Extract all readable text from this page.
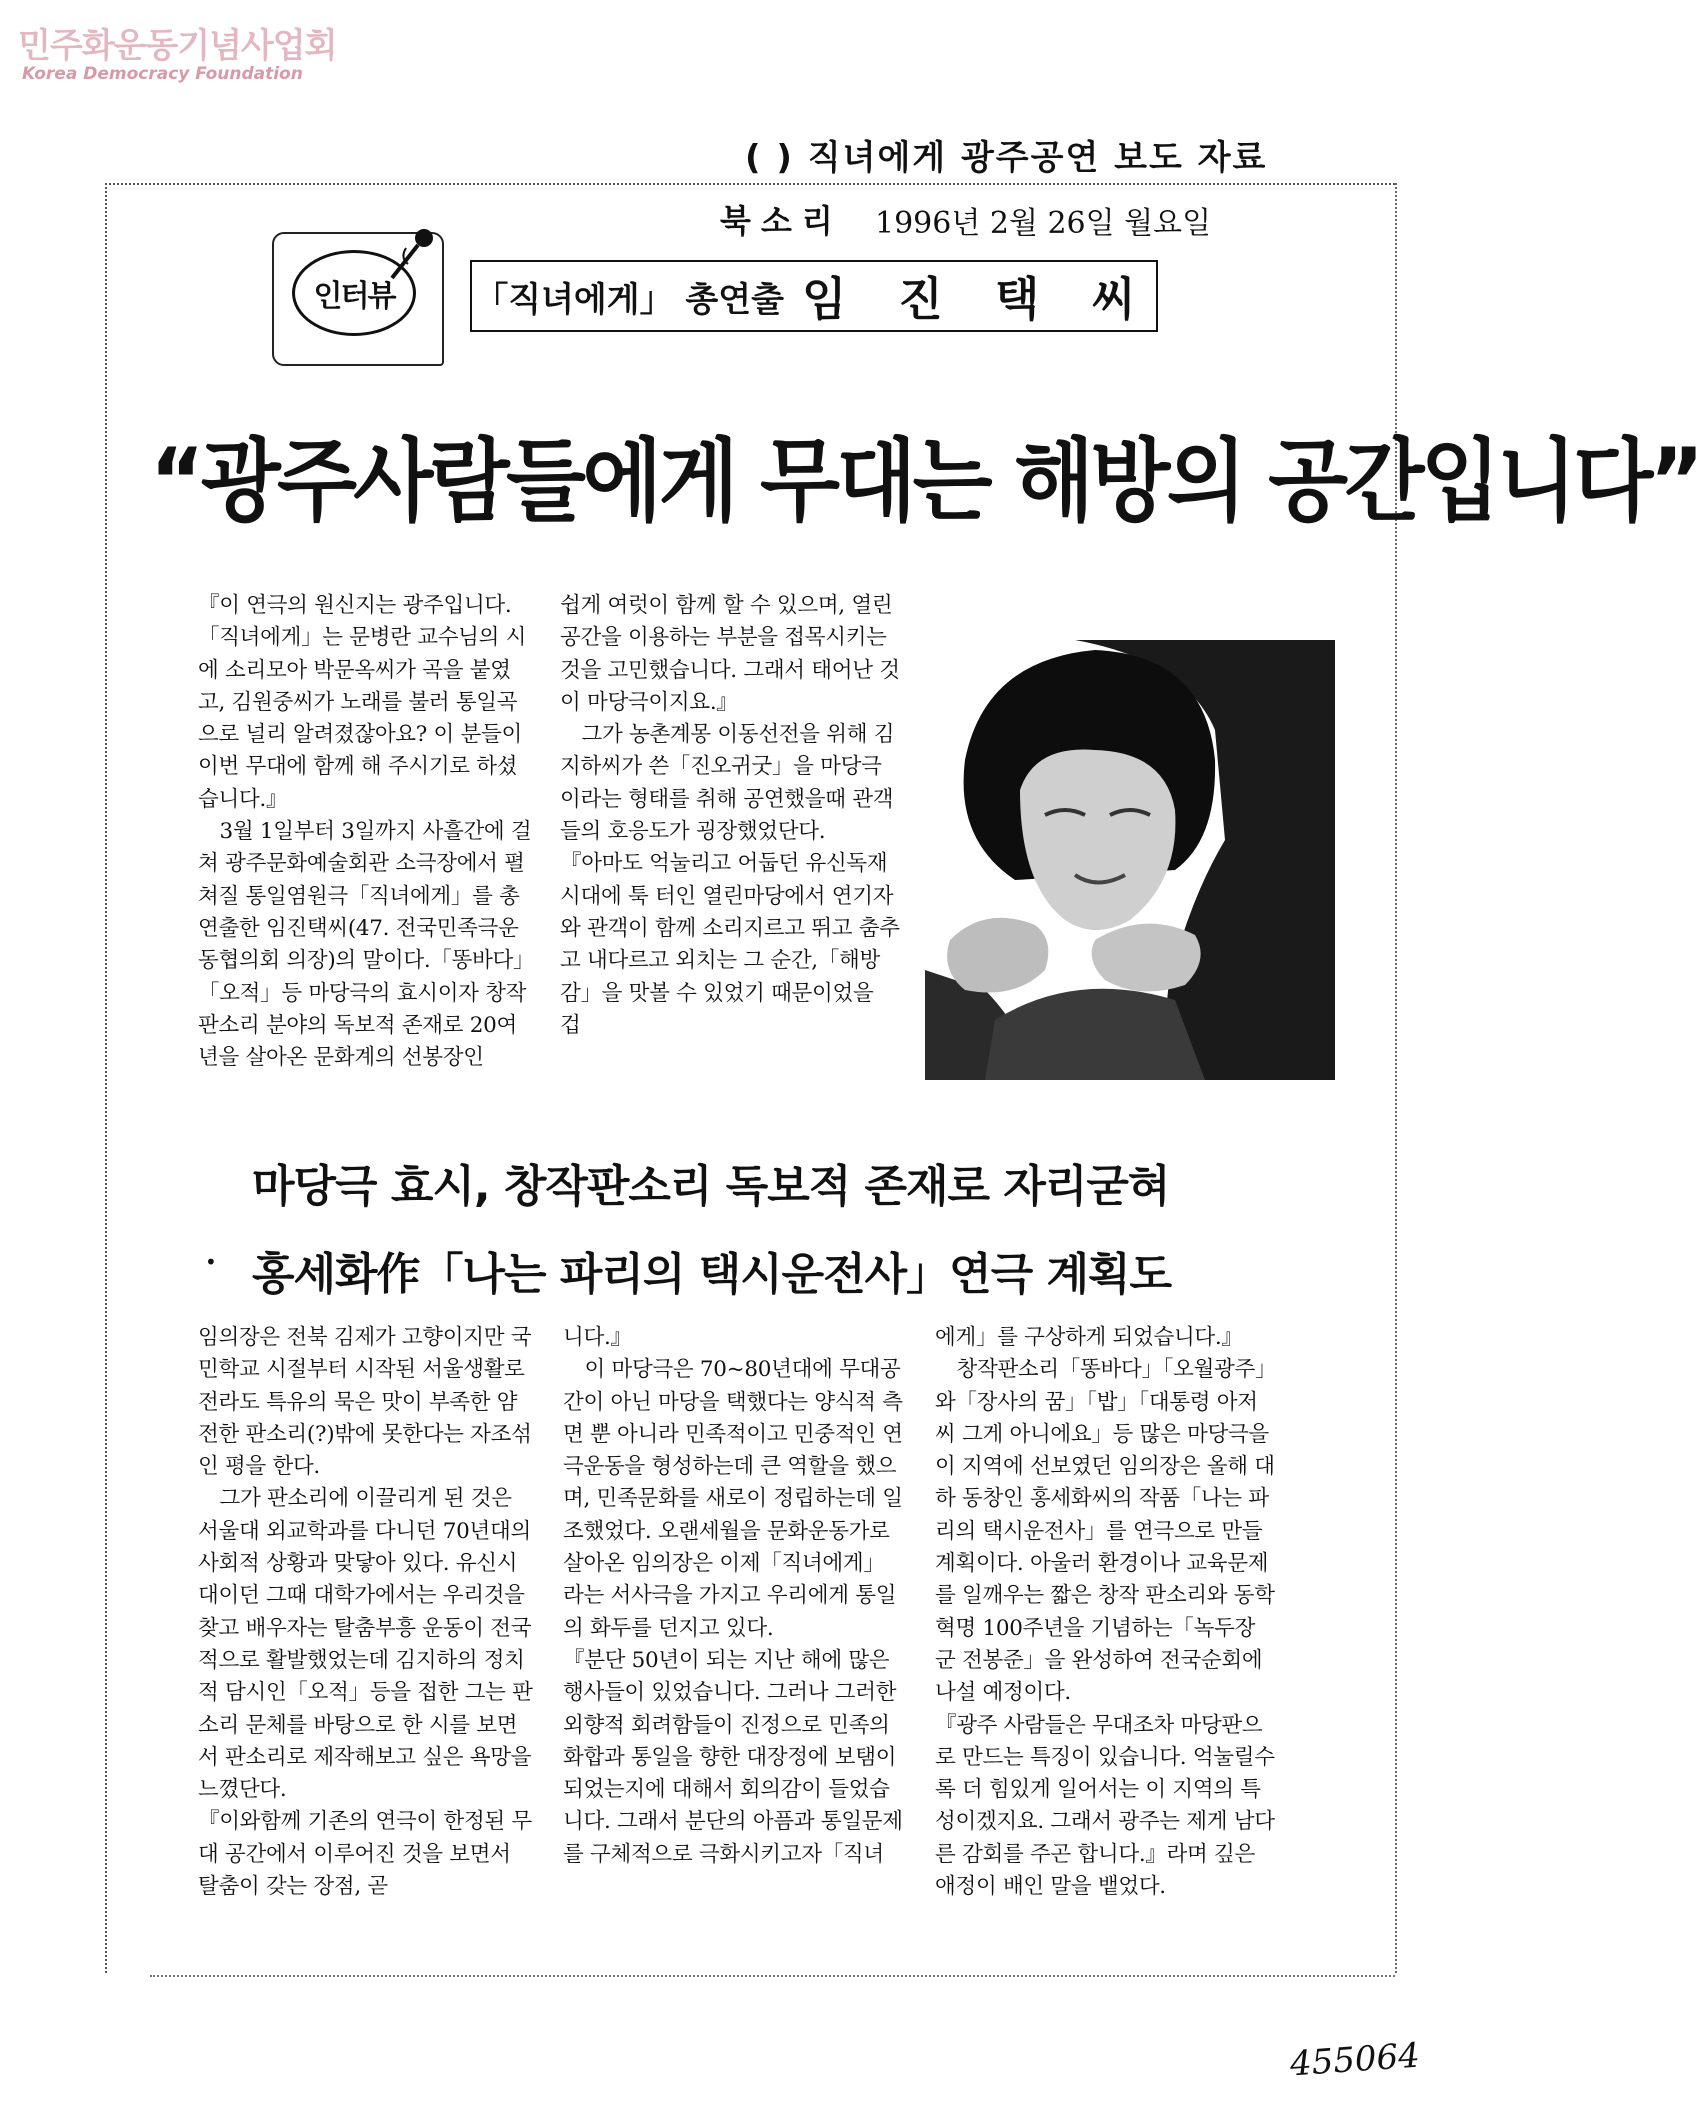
민주화운동기념사업회
Korea Democracy Foundation
( ) 직녀에게 광주공연 보도 자료
북소리 1996년 2월 26일 월요일
인터뷰 「직녀에게」 총연출 임 진 택 씨
“광주사람들에게 무대는 해방의 공간입니다”

『이 연극의 원신지는 광주입니다.「직녀에게」는 문병란 교수님의 시에 소리모아 박문옥씨가 곡을 붙였고, 김원중씨가 노래를 불러 통일곡으로 널리 알려졌잖아요? 이 분들이 이번 무대에 함께 해 주시기로 하셨습니다.』

3월 1일부터 3일까지 사흘간에 걸쳐 광주문화예술회관 소극장에서 펼쳐질 통일염원극「직녀에게」를 총연출한 임진택씨(47. 전국민족극운동협의회 의장)의 말이다.「똥바다」「오적」등 마당극의 효시이자 창작판소리 분야의 독보적 존재로 20여년을 살아온 문화계의 선봉장인

쉽게 여럿이 함께 할 수 있으며, 열린공간을 이용하는 부분을 접목시키는 것을 고민했습니다. 그래서 태어난 것이 마당극이지요.』

그가 농촌계몽 이동선전을 위해 김지하씨가 쓴「진오귀굿」을 마당극이라는 형태를 취해 공연했을때 관객들의 호응도가 굉장했었단다.

『아마도 억눌리고 어둡던 유신독재 시대에 툭 터인 열린마당에서 연기자와 관객이 함께 소리지르고 뛰고 춤추고 내다르고 외치는 그 순간,「해방감」을 맛볼 수 있었기 때문이었을 겁

마당극 효시, 창작판소리 독보적 존재로 자리굳혀
• 홍세화作「나는 파리의 택시운전사」연극 계획도

임의장은 전북 김제가 고향이지만 국민학교 시절부터 시작된 서울생활로 전라도 특유의 묵은 맛이 부족한 얌전한 판소리(?)밖에 못한다는 자조섞인 평을 한다.

그가 판소리에 이끌리게 된 것은 서울대 외교학과를 다니던 70년대의 사회적 상황과 맞닿아 있다. 유신시대이던 그때 대학가에서는 우리것을 찾고 배우자는 탈춤부흥 운동이 전국적으로 활발했었는데 김지하의 정치적 담시인「오적」등을 접한 그는 판소리 문체를 바탕으로 한 시를 보면서 판소리로 제작해보고 싶은 욕망을 느꼈단다.

『이와함께 기존의 연극이 한정된 무대 공간에서 이루어진 것을 보면서 탈춤이 갖는 장점, 곧

니다.』

이 마당극은 70~80년대에 무대공간이 아닌 마당을 택했다는 양식적 측면 뿐 아니라 민족적이고 민중적인 연극운동을 형성하는데 큰 역할을 했으며, 민족문화를 새로이 정립하는데 일조했었다. 오랜세월을 문화운동가로 살아온 임의장은 이제「직녀에게」라는 서사극을 가지고 우리에게 통일의 화두를 던지고 있다.

『분단 50년이 되는 지난 해에 많은 행사들이 있었습니다. 그러나 그러한 외향적 회려함들이 진정으로 민족의 화합과 통일을 향한 대장정에 보탬이 되었는지에 대해서 회의감이 들었습니다. 그래서 분단의 아픔과 통일문제를 구체적으로 극화시키고자「직녀

에게」를 구상하게 되었습니다.』

창작판소리「똥바다」「오월광주」와「장사의 꿈」「밥」「대통령 아저씨 그게 아니에요」등 많은 마당극을 이 지역에 선보였던 임의장은 올해 대하 동창인 홍세화씨의 작품「나는 파리의 택시운전사」를 연극으로 만들 계획이다. 아울러 환경이나 교육문제를 일깨우는 짧은 창작 판소리와 동학혁명 100주년을 기념하는「녹두장군 전봉준」을 완성하여 전국순회에 나설 예정이다.

『광주 사람들은 무대조차 마당판으로 만드는 특징이 있습니다. 억눌릴수록 더 힘있게 일어서는 이 지역의 특성이겠지요. 그래서 광주는 제게 남다른 감회를 주곤 합니다.』라며 깊은 애정이 배인 말을 뱉었다.

455064
